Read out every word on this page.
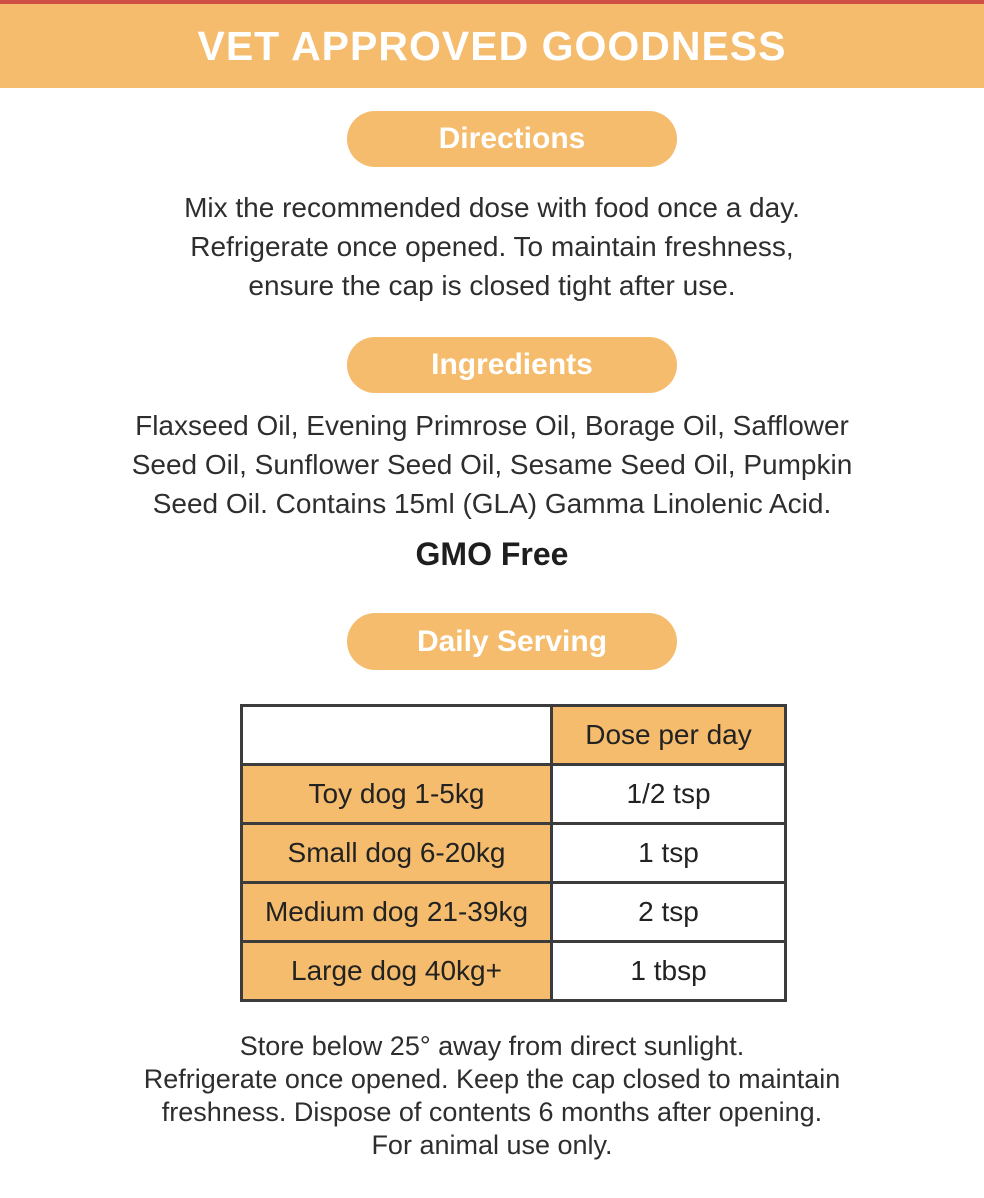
VET APPROVED GOODNESS
Directions
Mix the recommended dose with food once a day.
Refrigerate once opened. To maintain freshness,
ensure the cap is closed tight after use.
Ingredients
Flaxseed Oil, Evening Primrose Oil, Borage Oil, Safflower
Seed Oil, Sunflower Seed Oil, Sesame Seed Oil, Pumpkin
Seed Oil. Contains 15ml (GLA) Gamma Linolenic Acid.
GMO Free
Daily Serving
	Dose per day
Toy dog 1-5kg	1/2 tsp
Small dog 6-20kg	1 tsp
Medium dog 21-39kg	2 tsp
Large dog 40kg+	1 tbsp
Store below 25° away from direct sunlight.
Refrigerate once opened. Keep the cap closed to maintain
freshness. Dispose of contents 6 months after opening.
For animal use only.
